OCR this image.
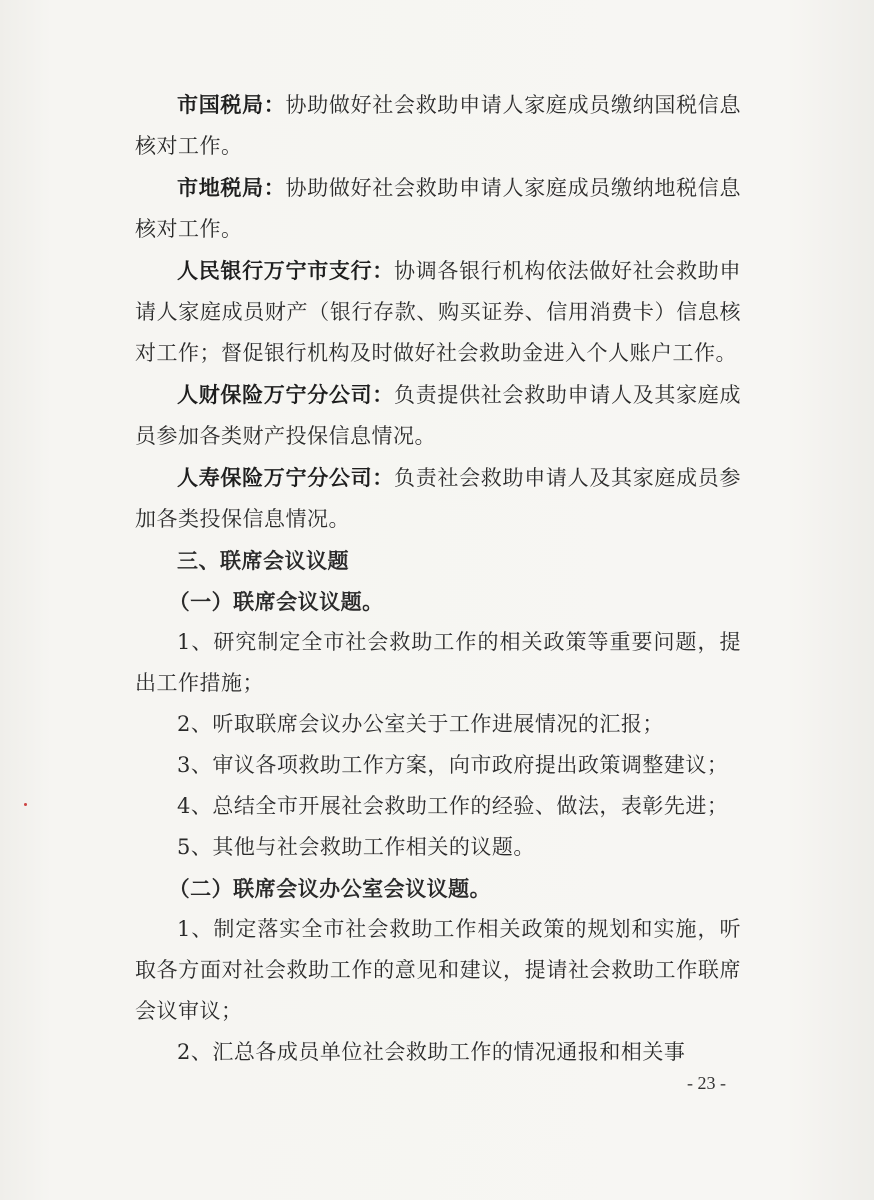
市国税局：协助做好社会救助申请人家庭成员缴纳国税信息核对工作。

市地税局：协助做好社会救助申请人家庭成员缴纳地税信息核对工作。

人民银行万宁市支行：协调各银行机构依法做好社会救助申请人家庭成员财产（银行存款、购买证券、信用消费卡）信息核对工作；督促银行机构及时做好社会救助金进入个人账户工作。

人财保险万宁分公司：负责提供社会救助申请人及其家庭成员参加各类财产投保信息情况。

人寿保险万宁分公司：负责社会救助申请人及其家庭成员参加各类投保信息情况。

三、联席会议议题

（一）联席会议议题。

1、研究制定全市社会救助工作的相关政策等重要问题，提出工作措施；

2、听取联席会议办公室关于工作进展情况的汇报；

3、审议各项救助工作方案，向市政府提出政策调整建议；

4、总结全市开展社会救助工作的经验、做法，表彰先进；

5、其他与社会救助工作相关的议题。

（二）联席会议办公室会议议题。

1、制定落实全市社会救助工作相关政策的规划和实施，听取各方面对社会救助工作的意见和建议，提请社会救助工作联席会议审议；

2、汇总各成员单位社会救助工作的情况通报和相关事

- 23 -
